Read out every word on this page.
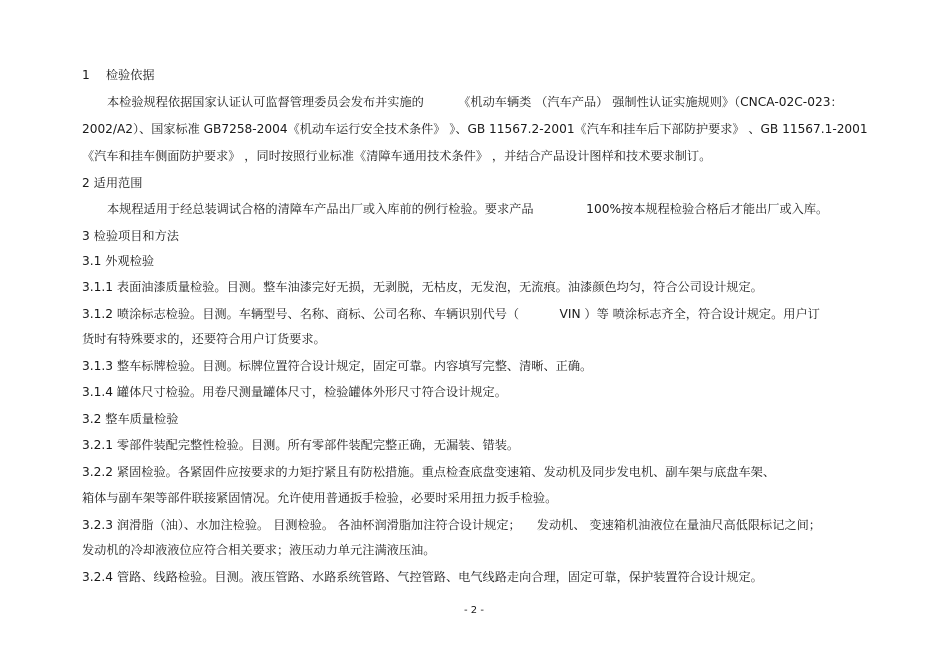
1　 检验依据
本检验规程依据国家认证认可监督管理委员会发布并实施的 　　　《机动车辆类 （汽车产品） 强制性认证实施规则》（CNCA-02C-023：
2002/A2）、国家标准 GB7258-2004《机动车运行安全技术条件》 》、GB 11567.2-2001《汽车和挂车后下部防护要求》 、GB 11567.1-2001
《汽车和挂车侧面防护要求》 ，同时按照行业标准《清障车通用技术条件》 ，并结合产品设计图样和技术要求制订。
2 适用范围
本规程适用于经总装调试合格的清障车产品出厂或入库前的例行检验。要求产品 　　　　100%按本规程检验合格后才能出厂或入库。
3 检验项目和方法
3.1 外观检验
3.1.1 表面油漆质量检验。目测。整车油漆完好无损，无剥脱，无枯皮，无发泡，无流痕。油漆颜色均匀，符合公司设计规定。
3.1.2 喷涂标志检验。目测。车辆型号、名称、商标、公司名称、车辆识别代号（ 　　　VIN ）等 喷涂标志齐全，符合设计规定。用户订
货时有特殊要求的，还要符合用户订货要求。
3.1.3 整车标牌检验。目测。标牌位置符合设计规定，固定可靠。内容填写完整、清晰、正确。
3.1.4 罐体尺寸检验。用卷尺测量罐体尺寸，检验罐体外形尺寸符合设计规定。
3.2 整车质量检验
3.2.1 零部件装配完整性检验。目测。所有零部件装配完整正确，无漏装、错装。
3.2.2 紧固检验。各紧固件应按要求的力矩拧紧且有防松措施。重点检查底盘变速箱、发动机及同步发电机、副车架与底盘车架、
箱体与副车架等部件联接紧固情况。允许使用普通扳手检验，必要时采用扭力扳手检验。
3.2.3 润滑脂（油）、水加注检验。 目测检验。 各油杯润滑脂加注符合设计规定； 　发动机、 变速箱机油液位在量油尺高低限标记之间；
发动机的冷却液液位应符合相关要求；液压动力单元注满液压油。
3.2.4 管路、线路检验。目测。液压管路、水路系统管路、气控管路、电气线路走向合理，固定可靠，保护装置符合设计规定。
- 2 -
